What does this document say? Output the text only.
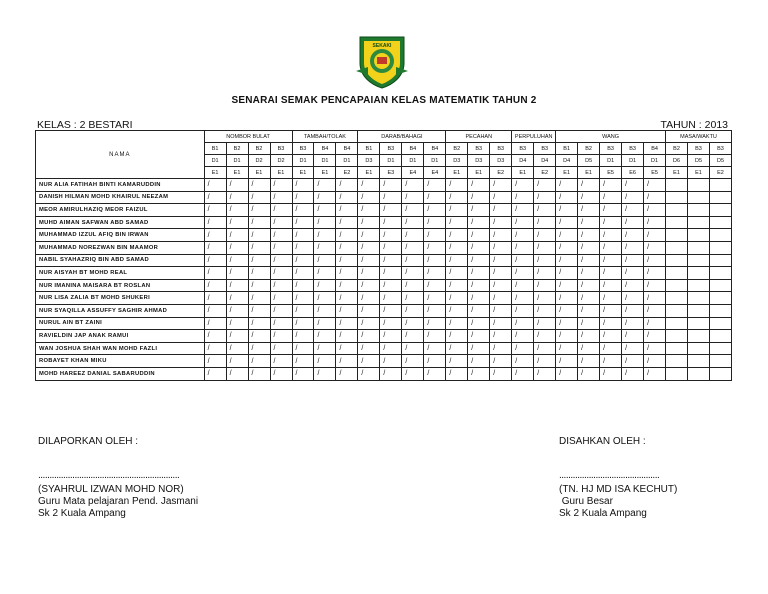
SEKAKI
SENARAI SEMAK PENCAPAIAN KELAS MATEMATIK TAHUN 2
KELAS : 2 BESTARI	TAHUN : 2013
NAMA	NOMBOR BULAT				TAMBAH/TOLAK			DARAB/BAHAGI				PECAHAN			PERPULUHAN		WANG					MASA/WAKTU		
	B1	B2	B2	B3	B3	B4	B4	B1	B3	B4	B4	B2	B3	B3	B3	B3	B1	B2	B3	B3	B4	B2	B3	B3
	D1	D1	D2	D2	D1	D1	D1	D3	D1	D1	D1	D3	D3	D3	D4	D4	D4	D5	D1	D1	D1	D6	D5	D5
	E1	E1	E1	E1	E1	E1	E2	E1	E3	E4	E4	E1	E1	E2	E1	E2	E1	E1	E5	E6	E5	E1	E1	E2
NUR ALIA FATIHAH BINTI KAMARUDDIN	/	/	/	/	/	/	/	/	/	/	/	/	/	/	/	/	/	/	/	/	/			
DANISH HILMAN MOHD KHAIRUL NEEZAM	/	/	/	/	/	/	/	/	/	/	/	/	/	/	/	/	/	/	/	/	/			
MEOR AMIRULHAZIQ MEOR FAIZUL	/	/	/	/	/	/	/	/	/	/	/	/	/	/	/	/	/	/	/	/	/			
MUHD AIMAN SAFWAN ABD SAMAD	/	/	/	/	/	/	/	/	/	/	/	/	/	/	/	/	/	/	/	/	/			
MUHAMMAD IZZUL AFIQ BIN IRWAN	/	/	/	/	/	/	/	/	/	/	/	/	/	/	/	/	/	/	/	/	/			
MUHAMMAD NOREZWAN BIN MAAMOR	/	/	/	/	/	/	/	/	/	/	/	/	/	/	/	/	/	/	/	/	/			
NABIL SYAHAZRIQ BIN ABD SAMAD	/	/	/	/	/	/	/	/	/	/	/	/	/	/	/	/	/	/	/	/	/			
NUR AISYAH BT MOHD REAL	/	/	/	/	/	/	/	/	/	/	/	/	/	/	/	/	/	/	/	/	/			
NUR IMANINA MAISARA BT ROSLAN	/	/	/	/	/	/	/	/	/	/	/	/	/	/	/	/	/	/	/	/	/			
NUR LISA ZALIA BT MOHD SHUKERI	/	/	/	/	/	/	/	/	/	/	/	/	/	/	/	/	/	/	/	/	/			
NUR SYAQILLA ASSUFFY SAGHIR AHMAD	/	/	/	/	/	/	/	/	/	/	/	/	/	/	/	/	/	/	/	/	/			
NURUL AIN BT ZAINI	/	/	/	/	/	/	/	/	/	/	/	/	/	/	/	/	/	/	/	/	/			
RAVIELDIN JAP ANAK RAMUI	/	/	/	/	/	/	/	/	/	/	/	/	/	/	/	/	/	/	/	/	/			
WAN JOSHUA SHAH WAN MOHD FAZLI	/	/	/	/	/	/	/	/	/	/	/	/	/	/	/	/	/	/	/	/	/			
ROBAYET KHAN MIKU	/	/	/	/	/	/	/	/	/	/	/	/	/	/	/	/	/	/	/	/	/			
MOHD HAREEZ DANIAL SABARUDDIN	/	/	/	/	/	/	/	/	/	/	/	/	/	/	/	/	/	/	/	/	/			
DILAPORKAN OLEH :
..............................................................
(SYAHRUL IZWAN MOHD NOR)
Guru Mata pelajaran Pend. Jasmani
Sk 2 Kuala Ampang
DISAHKAN OLEH :
............................................
(TN. HJ MD ISA KECHUT)
Guru Besar
Sk 2 Kuala Ampang
